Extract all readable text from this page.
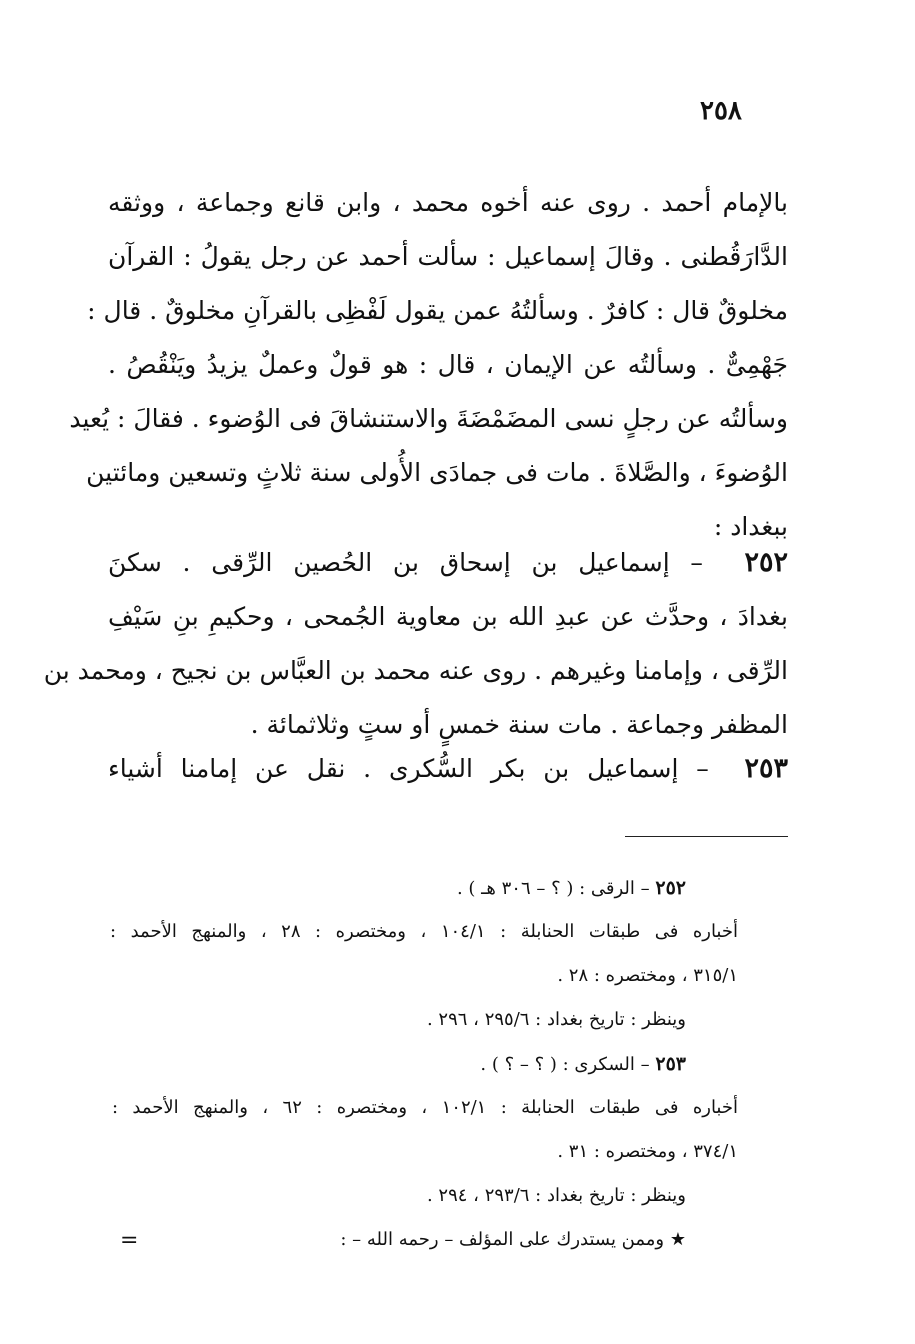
٢٥٨
بالإمام أحمد . روى عنه أخوه محمد ، وابن قانع وجماعة ، ووثقه
الدَّارَقُطنى . وقالَ إسماعيل : سألت أحمد عن رجل يقولُ : القرآن
مخلوقٌ قال : كافرٌ . وسألتُهُ عمن يقول لَفْظِى بالقرآنِ مخلوقٌ . قال :
جَهْمِىٌّ . وسألتُه عن الإيمان ، قال : هو قولٌ وعملٌ يزيدُ ويَنْقُصُ .
وسألتُه عن رجلٍ نسى المضَمْضَةَ والاستنشاقَ فى الوُضوء . فقالَ : يُعيد
الوُضوءَ ، والصَّلاةَ . مات فى جمادَى الأُولى سنة ثلاثٍ وتسعين ومائتين
ببغداد :
٢٥٢  – إسماعيل بن إسحاق بن الحُصين الرِّقى . سكنَ
بغدادَ ، وحدَّث عن عبدِ الله بن معاوية الجُمحى ، وحكيمِ بنِ سَيْفِ
الرِّقى ، وإمامنا وغيرهم . روى عنه محمد بن العبَّاس بن نجيح ، ومحمد بن
المظفر وجماعة . مات سنة خمسٍ أو ستٍ وثلاثمائة .
٢٥٣  – إسماعيل بن بكر السُّكرى . نقل عن إمامنا أشياء
٢٥٢ – الرقى : ( ؟ – ٣٠٦ هـ ) .
أخباره فى طبقات الحنابلة : ١٠٤/١ ، ومختصره : ٢٨ ، والمنهج الأحمد :
٣١٥/١ ، ومختصره : ٢٨ .
وينظر : تاريخ بغداد : ٢٩٥/٦ ، ٢٩٦ .
٢٥٣ – السكرى : ( ؟ – ؟ ) .
أخباره فى طبقات الحنابلة : ١٠٢/١ ، ومختصره : ٦٢ ، والمنهج الأحمد :
٣٧٤/١ ، ومختصره : ٣١ .
وينظر : تاريخ بغداد : ٢٩٣/٦ ، ٢٩٤ .
★ وممن يستدرك على المؤلف – رحمه الله – :
=
